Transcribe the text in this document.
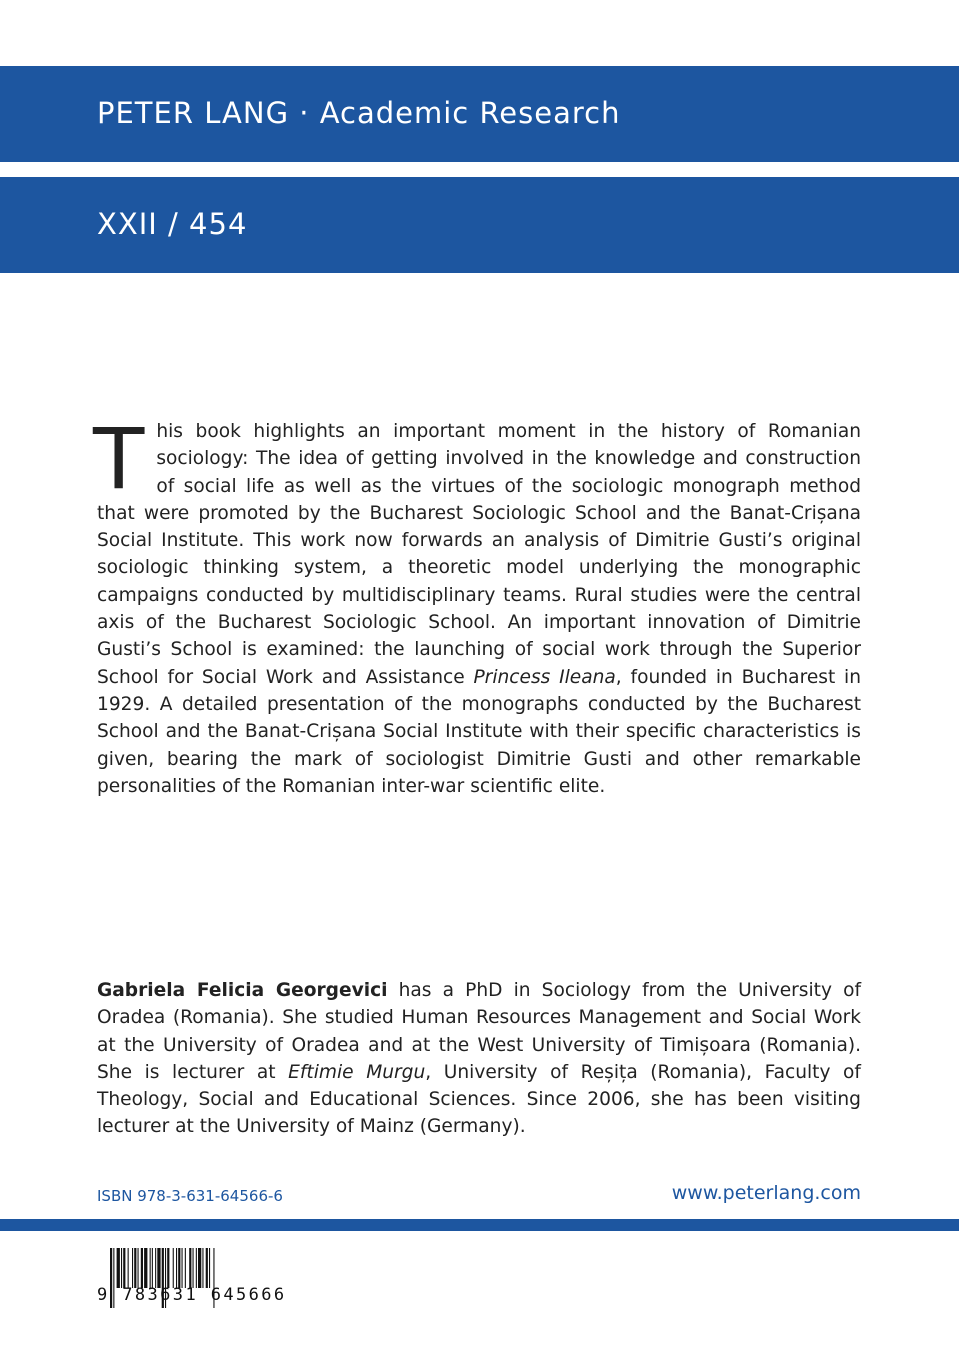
PETER LANG · Academic Research
XXII / 454
This book highlights an important moment in the history of Romanian sociology: The idea of getting involved in the knowledge and construction of social life as well as the virtues of the sociologic monograph method that were promoted by the Bucharest Sociologic School and the Banat-Crișana Social Institute. This work now forwards an analysis of Dimitrie Gusti’s original sociologic thinking system, a theoretic model underlying the monographic campaigns conducted by multidisciplinary teams. Rural studies were the central axis of the Bucharest Sociologic School. An important innovation of Dimitrie Gusti’s School is examined: the launching of social work through the Superior School for Social Work and Assistance Princess Ileana, founded in Bucharest in 1929. A detailed presentation of the monographs conducted by the Bucharest School and the Banat-Crișana Social Institute with their specific characteristics is given, bearing the mark of sociologist Dimitrie Gusti and other remarkable personalities of the Romanian inter-war scientific elite.
Gabriela Felicia Georgevici has a PhD in Sociology from the University of Oradea (Romania). She studied Human Resources Management and Social Work at the University of Oradea and at the West University of Timișoara (Romania). She is lecturer at Eftimie Murgu, University of Reșița (Romania), Faculty of Theology, Social and Educational Sciences. Since 2006, she has been visiting lecturer at the University of Mainz (Germany).
ISBN 978-3-631-64566-6	www.peterlang.com
9 783631 645666
